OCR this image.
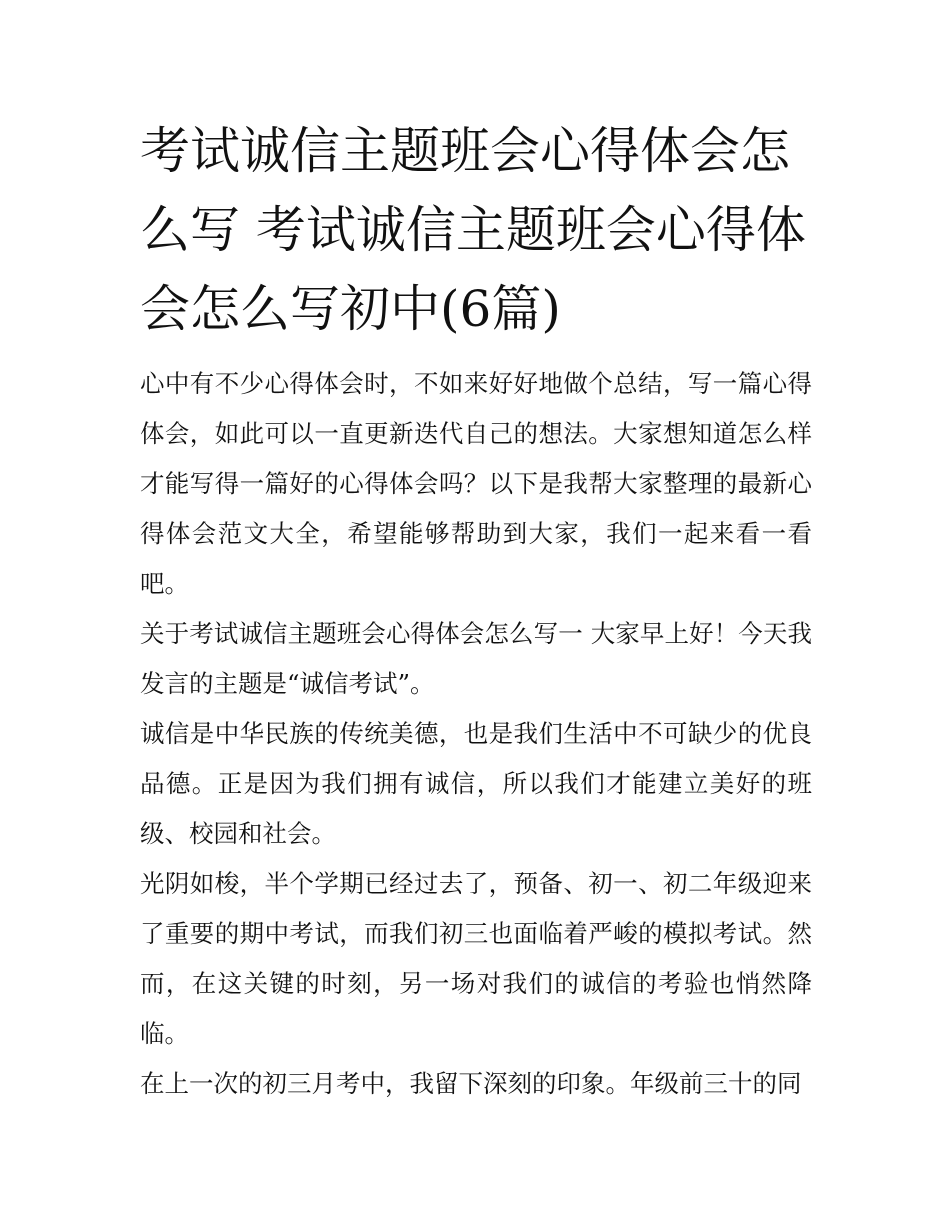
考试诚信主题班会心得体会怎么写 考试诚信主题班会心得体会怎么写初中(6篇)

心中有不少心得体会时，不如来好好地做个总结，写一篇心得体会，如此可以一直更新迭代自己的想法。大家想知道怎么样才能写得一篇好的心得体会吗？以下是我帮大家整理的最新心得体会范文大全，希望能够帮助到大家，我们一起来看一看吧。

关于考试诚信主题班会心得体会怎么写一 大家早上好！今天我发言的主题是“诚信考试”。

诚信是中华民族的传统美德，也是我们生活中不可缺少的优良品德。正是因为我们拥有诚信，所以我们才能建立美好的班级、校园和社会。

光阴如梭，半个学期已经过去了，预备、初一、初二年级迎来了重要的期中考试，而我们初三也面临着严峻的模拟考试。然而，在这关键的时刻，另一场对我们的诚信的考验也悄然降临。

在上一次的初三月考中，我留下深刻的印象。年级前三十的同
